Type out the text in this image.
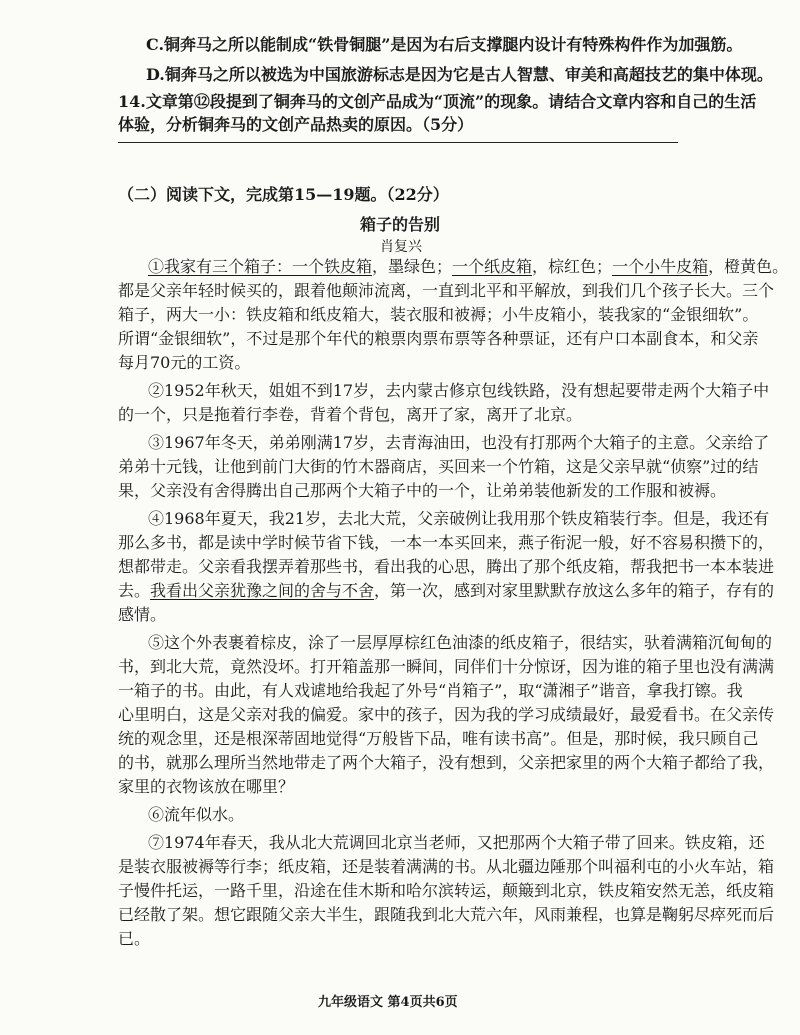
C.铜奔马之所以能制成“铁骨铜腿”是因为右后支撑腿内设计有特殊构件作为加强筋。
D.铜奔马之所以被选为中国旅游标志是因为它是古人智慧、审美和高超技艺的集中体现。
14.文章第⑫段提到了铜奔马的文创产品成为“顶流”的现象。请结合文章内容和自己的生活
体验，分析铜奔马的文创产品热卖的原因。（5分）
（二）阅读下文，完成第15—19题。（22分）
箱子的告别
肖复兴
①我家有三个箱子：一个铁皮箱，墨绿色；一个纸皮箱，棕红色；一个小牛皮箱，橙黄色。
都是父亲年轻时候买的，跟着他颠沛流离，一直到北平和平解放，到我们几个孩子长大。三个
箱子，两大一小：铁皮箱和纸皮箱大，装衣服和被褥；小牛皮箱小，装我家的“金银细软”。
所谓“金银细软”，不过是那个年代的粮票肉票布票等各种票证，还有户口本副食本，和父亲
每月70元的工资。
②1952年秋天，姐姐不到17岁，去内蒙古修京包线铁路，没有想起要带走两个大箱子中
的一个，只是拖着行李卷，背着个背包，离开了家，离开了北京。
③1967年冬天，弟弟刚满17岁，去青海油田，也没有打那两个大箱子的主意。父亲给了
弟弟十元钱，让他到前门大街的竹木器商店，买回来一个竹箱，这是父亲早就“侦察”过的结
果，父亲没有舍得腾出自己那两个大箱子中的一个，让弟弟装他新发的工作服和被褥。
④1968年夏天，我21岁，去北大荒，父亲破例让我用那个铁皮箱装行李。但是，我还有
那么多书，都是读中学时候节省下钱，一本一本买回来，燕子衔泥一般，好不容易积攒下的，
想都带走。父亲看我摆弄着那些书，看出我的心思，腾出了那个纸皮箱，帮我把书一本本装进
去。我看出父亲犹豫之间的舍与不舍，第一次，感到对家里默默存放这么多年的箱子，存有的
感情。
⑤这个外表裹着棕皮，涂了一层厚厚棕红色油漆的纸皮箱子，很结实，驮着满箱沉甸甸的
书，到北大荒，竟然没坏。打开箱盖那一瞬间，同伴们十分惊讶，因为谁的箱子里也没有满满
一箱子的书。由此，有人戏谑地给我起了外号“肖箱子”，取“潇湘子”谐音，拿我打镲。我
心里明白，这是父亲对我的偏爱。家中的孩子，因为我的学习成绩最好，最爱看书。在父亲传
统的观念里，还是根深蒂固地觉得“万般皆下品，唯有读书高”。但是，那时候，我只顾自己
的书，就那么理所当然地带走了两个大箱子，没有想到，父亲把家里的两个大箱子都给了我，
家里的衣物该放在哪里？
⑥流年似水。
⑦1974年春天，我从北大荒调回北京当老师，又把那两个大箱子带了回来。铁皮箱，还
是装衣服被褥等行李；纸皮箱，还是装着满满的书。从北疆边陲那个叫福利屯的小火车站，箱
子慢件托运，一路千里，沿途在佳木斯和哈尔滨转运，颠簸到北京，铁皮箱安然无恙，纸皮箱
已经散了架。想它跟随父亲大半生，跟随我到北大荒六年，风雨兼程，也算是鞠躬尽瘁死而后
已。
九年级语文 第4页共6页
